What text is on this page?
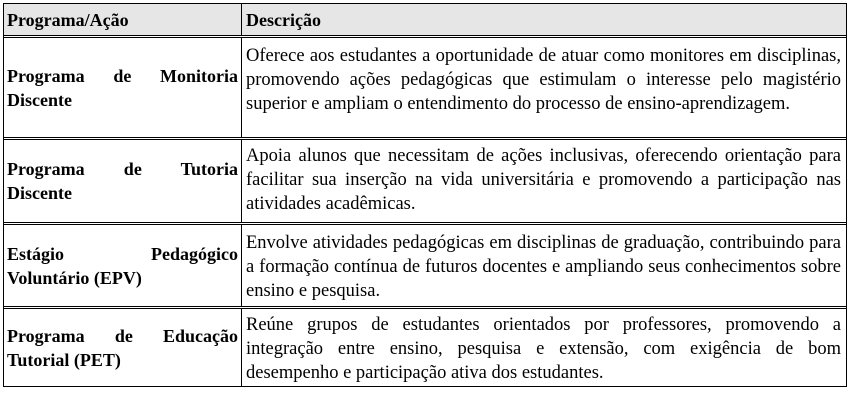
Programa/Ação	Descrição
Programa de Monitoria Discente
Oferece aos estudantes a oportunidade de atuar como monitores em disciplinas, promovendo ações pedagógicas que estimulam o interesse pelo magistério superior e ampliam o entendimento do processo de ensino-aprendizagem.
Programa de Tutoria Discente
Apoia alunos que necessitam de ações inclusivas, oferecendo orientação para facilitar sua inserção na vida universitária e promovendo a participação nas atividades acadêmicas.
Estágio Pedagógico Voluntário (EPV)
Envolve atividades pedagógicas em disciplinas de graduação, contribuindo para a formação contínua de futuros docentes e ampliando seus conhecimentos sobre ensino e pesquisa.
Programa de Educação Tutorial (PET)
Reúne grupos de estudantes orientados por professores, promovendo a integração entre ensino, pesquisa e extensão, com exigência de bom desempenho e participação ativa dos estudantes.
